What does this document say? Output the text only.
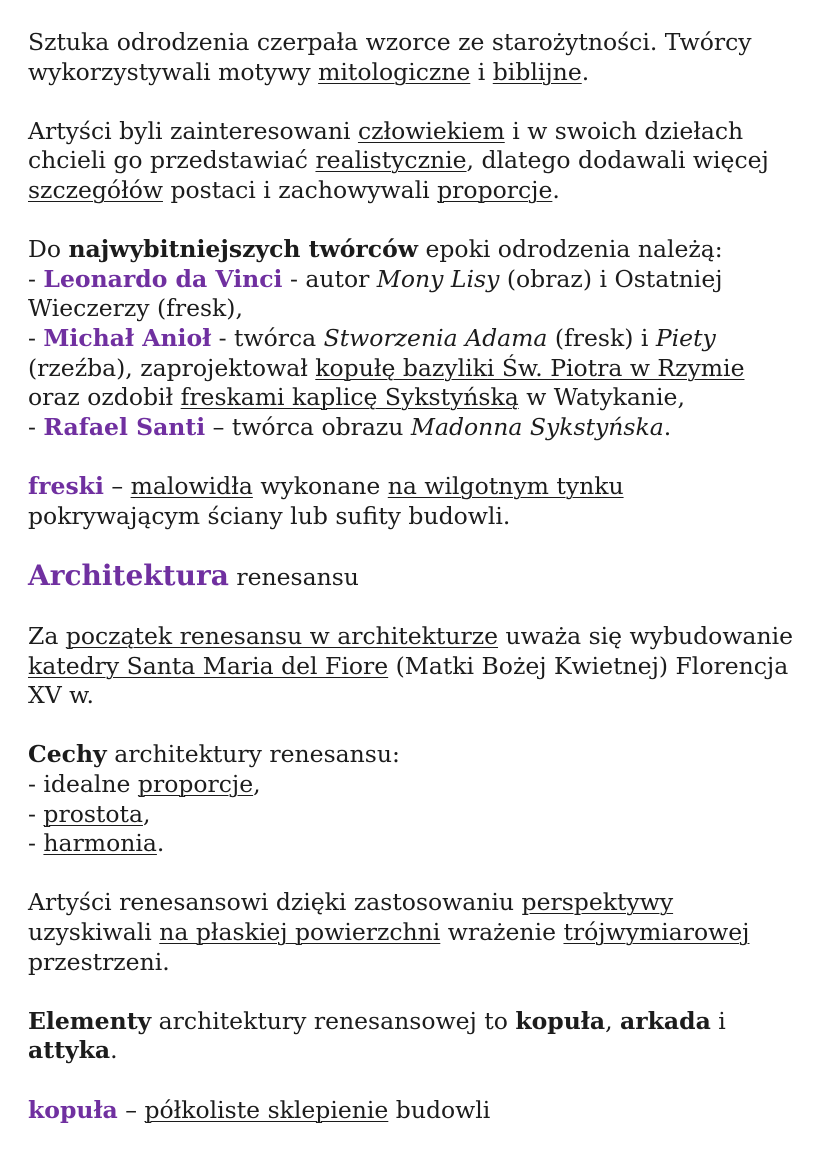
Sztuka odrodzenia czerpała wzorce ze starożytności. Twórcy wykorzystywali motywy mitologiczne i biblijne.

Artyści byli zainteresowani człowiekiem i w swoich dziełach chcieli go przedstawiać realistycznie, dlatego dodawali więcej szczegółów postaci i zachowywali proporcje.

Do najwybitniejszych twórców epoki odrodzenia należą:
- Leonardo da Vinci - autor Mony Lisy (obraz) i Ostatniej Wieczerzy (fresk),
- Michał Anioł - twórca Stworzenia Adama (fresk) i Piety (rzeźba), zaprojektował kopułę bazyliki Św. Piotra w Rzymie oraz ozdobił freskami kaplicę Sykstyńską w Watykanie,
- Rafael Santi – twórca obrazu Madonna Sykstyńska.

freski – malowidła wykonane na wilgotnym tynku pokrywającym ściany lub sufity budowli.

Architektura renesansu

Za początek renesansu w architekturze uważa się wybudowanie katedry Santa Maria del Fiore (Matki Bożej Kwietnej) Florencja XV w.

Cechy architektury renesansu:
- idealne proporcje,
- prostota,
- harmonia.

Artyści renesansowi dzięki zastosowaniu perspektywy uzyskiwali na płaskiej powierzchni wrażenie trójwymiarowej przestrzeni.

Elementy architektury renesansowej to kopuła, arkada i attyka.

kopuła – półkoliste sklepienie budowli
